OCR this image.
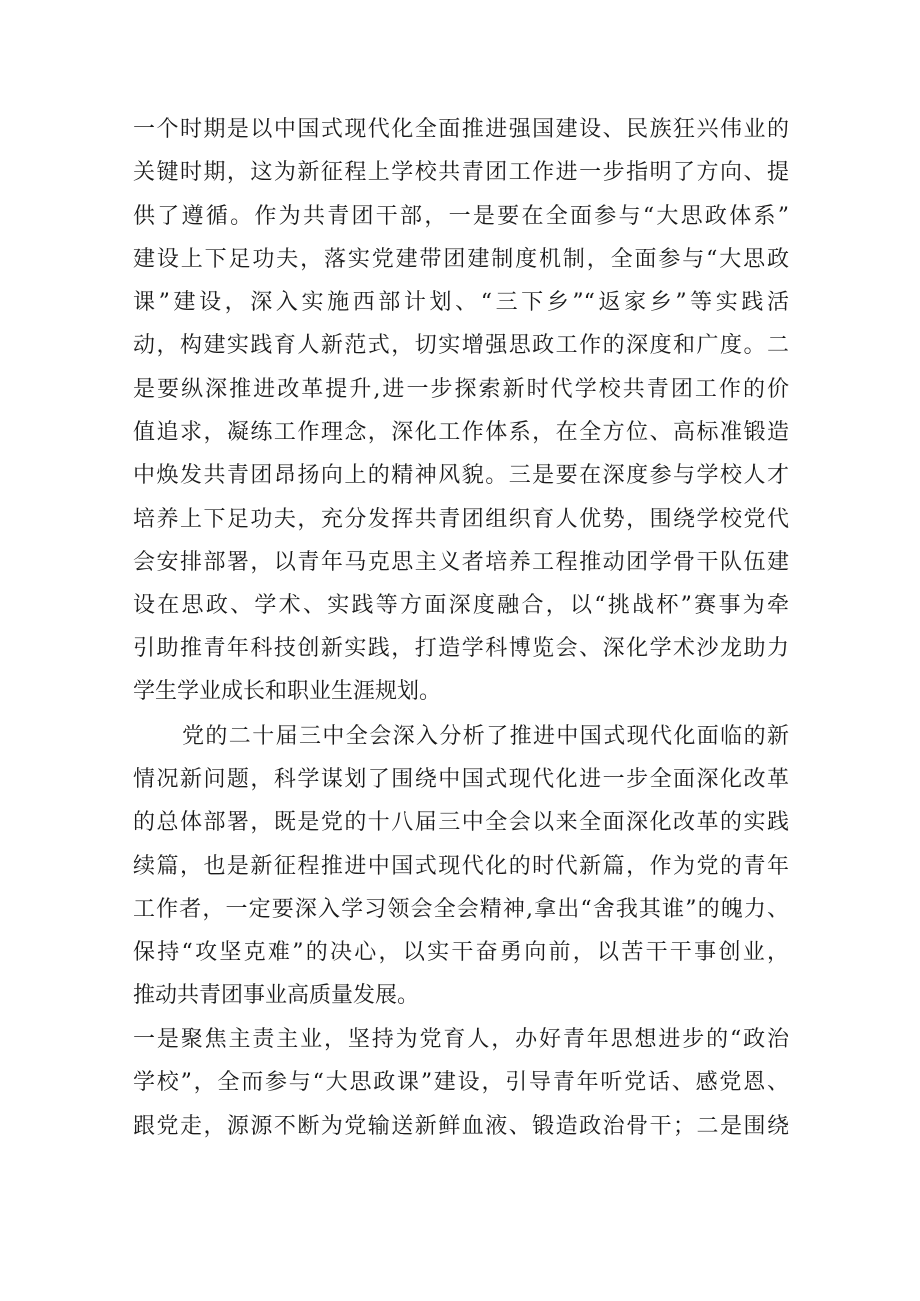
一个时期是以中国式现代化全面推进强国建设、民族狂兴伟业的
关键时期，这为新征程上学校共青团工作进一步指明了方向、提
供了遵循。作为共青团干部，一是要在全面参与“大思政体系”
建设上下足功夫，落实党建带团建制度机制，全面参与“大思政
课”建设，深入实施西部计划、“三下乡”“返家乡”等实践活
动，构建实践育人新范式，切实增强思政工作的深度和广度。二
是要纵深推进改革提升,进一步探索新时代学校共青团工作的价
值追求，凝练工作理念，深化工作体系，在全方位、高标准锻造
中焕发共青团昂扬向上的精神风貌。三是要在深度参与学校人才
培养上下足功夫，充分发挥共青团组织育人优势，围绕学校党代
会安排部署，以青年马克思主义者培养工程推动团学骨干队伍建
设在思政、学术、实践等方面深度融合，以“挑战杯”赛事为牵
引助推青年科技创新实践，打造学科博览会、深化学术沙龙助力
学生学业成长和职业生涯规划。
党的二十届三中全会深入分析了推进中国式现代化面临的新
情况新问题，科学谋划了围绕中国式现代化进一步全面深化改革
的总体部署，既是党的十八届三中全会以来全面深化改革的实践
续篇，也是新征程推进中国式现代化的时代新篇，作为党的青年
工作者，一定要深入学习领会全会精神,拿出“舍我其谁”的魄力、
保持“攻坚克难”的决心，以实干奋勇向前，以苦干干事创业，
推动共青团事业高质量发展。
一是聚焦主责主业，坚持为党育人，办好青年思想进步的“政治
学校”，全而参与“大思政课”建设，引导青年听党话、感党恩、
跟党走，源源不断为党输送新鲜血液、锻造政治骨干；二是围绕
